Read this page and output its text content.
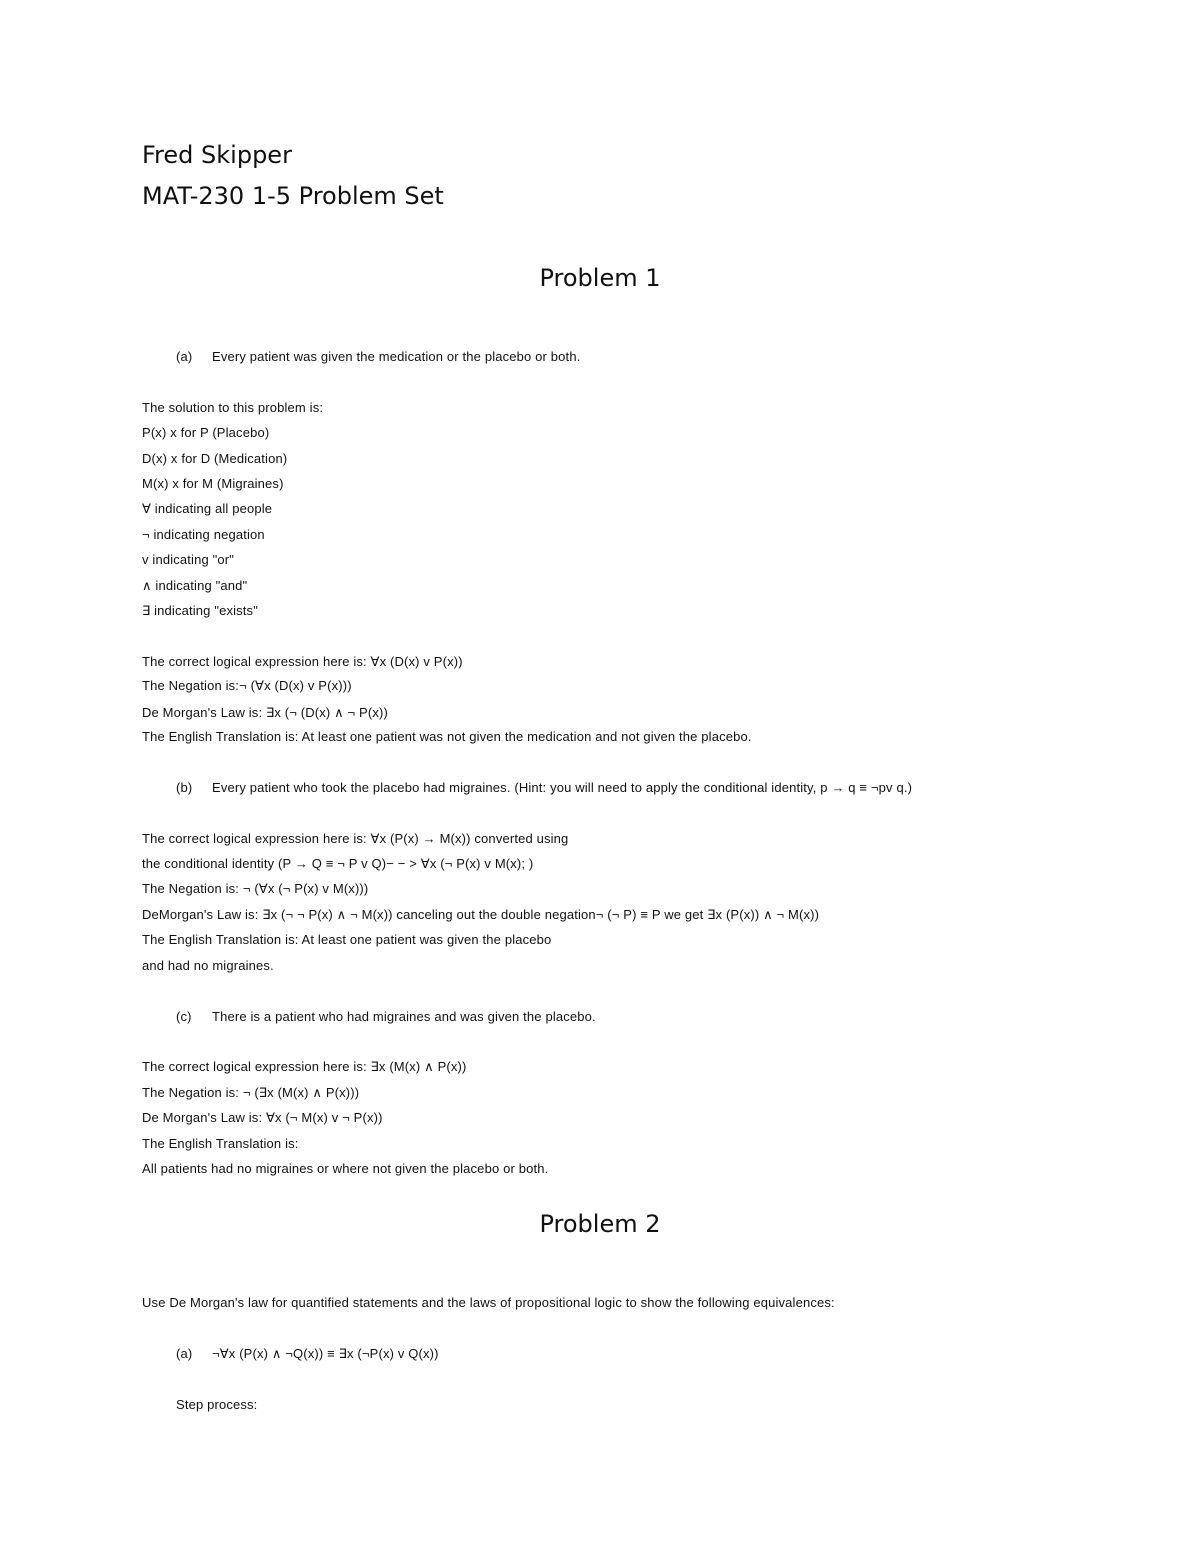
Fred Skipper
MAT-230 1-5 Problem Set
Problem 1
(a) Every patient was given the medication or the placebo or both.
The solution to this problem is:
P(x) x for P (Placebo)
D(x) x for D (Medication)
M(x) x for M (Migraines)
∀ indicating all people
¬ indicating negation
v indicating "or"
∧ indicating "and"
∃ indicating "exists"
The correct logical expression here is: ∀x (D(x) v P(x))
The Negation is:¬ (∀x (D(x) v P(x)))
De Morgan's Law is: ∃x (¬ (D(x) ∧ ¬ P(x))
The English Translation is: At least one patient was not given the medication and not given the placebo.
(b) Every patient who took the placebo had migraines. (Hint: you will need to apply the conditional identity, p → q ≡ ¬pv q.)
The correct logical expression here is: ∀x (P(x) → M(x)) converted using
the conditional identity (P → Q ≡ ¬ P v Q)− − > ∀x (¬ P(x) v M(x); )
The Negation is: ¬ (∀x (¬ P(x) v M(x)))
DeMorgan's Law is: ∃x (¬ ¬ P(x) ∧ ¬ M(x)) canceling out the double negation¬ (¬ P) ≡ P we get ∃x (P(x)) ∧ ¬ M(x))
The English Translation is: At least one patient was given the placebo
and had no migraines.
(c) There is a patient who had migraines and was given the placebo.
The correct logical expression here is: ∃x (M(x) ∧ P(x))
The Negation is: ¬ (∃x (M(x) ∧ P(x)))
De Morgan's Law is: ∀x (¬ M(x) v ¬ P(x))
The English Translation is:
All patients had no migraines or where not given the placebo or both.
Problem 2
Use De Morgan's law for quantified statements and the laws of propositional logic to show the following equivalences:
(a) ¬∀x (P(x) ∧ ¬Q(x)) ≡ ∃x (¬P(x) v Q(x))
Step process:
